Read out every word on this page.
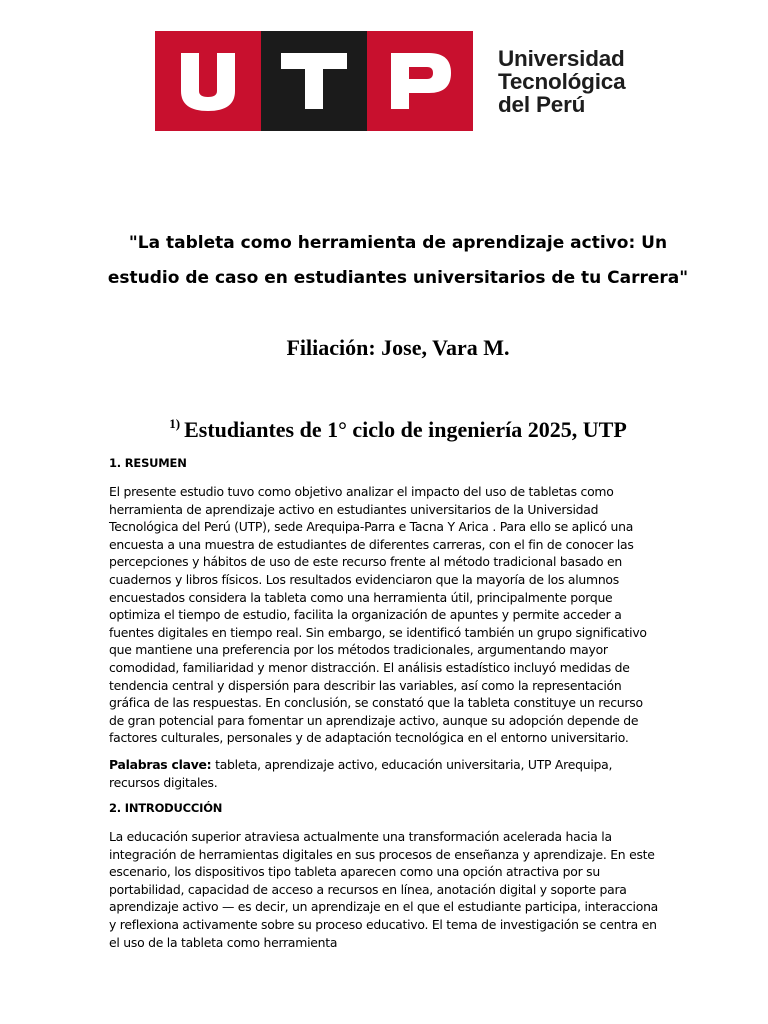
Universidad
Tecnológica
del Perú
"La tableta como herramienta de aprendizaje activo: Un
estudio de caso en estudiantes universitarios de tu Carrera"
Filiación: Jose, Vara M.
$^{1)}$ Estudiantes de 1° ciclo de ingeniería 2025, UTP
1. RESUMEN

El presente estudio tuvo como objetivo analizar el impacto del uso de tabletas como herramienta de aprendizaje activo en estudiantes universitarios de la Universidad Tecnológica del Perú (UTP), sede Arequipa-Parra e Tacna Y Arica . Para ello se aplicó una encuesta a una muestra de estudiantes de diferentes carreras, con el fin de conocer las percepciones y hábitos de uso de este recurso frente al método tradicional basado en cuadernos y libros físicos. Los resultados evidenciaron que la mayoría de los alumnos encuestados considera la tableta como una herramienta útil, principalmente porque optimiza el tiempo de estudio, facilita la organización de apuntes y permite acceder a fuentes digitales en tiempo real. Sin embargo, se identificó también un grupo significativo que mantiene una preferencia por los métodos tradicionales, argumentando mayor comodidad, familiaridad y menor distracción. El análisis estadístico incluyó medidas de tendencia central y dispersión para describir las variables, así como la representación gráfica de las respuestas. En conclusión, se constató que la tableta constituye un recurso de gran potencial para fomentar un aprendizaje activo, aunque su adopción depende de factores culturales, personales y de adaptación tecnológica en el entorno universitario.

Palabras clave: tableta, aprendizaje activo, educación universitaria, UTP Arequipa, recursos digitales.

2. INTRODUCCIÓN

La educación superior atraviesa actualmente una transformación acelerada hacia la integración de herramientas digitales en sus procesos de enseñanza y aprendizaje. En este escenario, los dispositivos tipo tableta aparecen como una opción atractiva por su portabilidad, capacidad de acceso a recursos en línea, anotación digital y soporte para aprendizaje activo — es decir, un aprendizaje en el que el estudiante participa, interacciona y reflexiona activamente sobre su proceso educativo. El tema de investigación se centra en el uso de la tableta como herramienta
